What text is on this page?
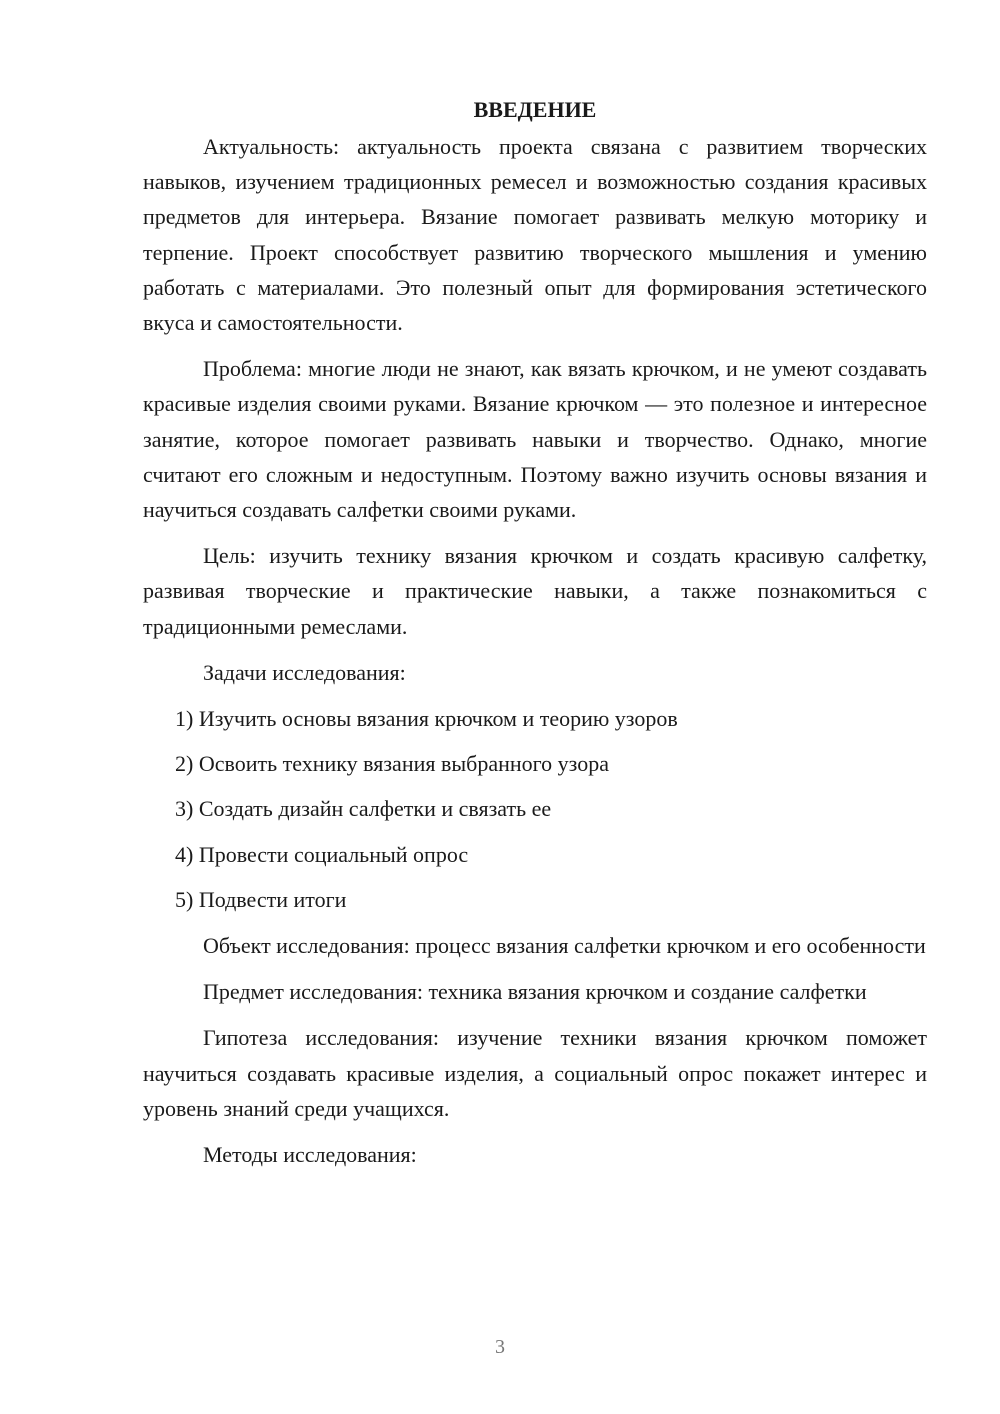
ВВЕДЕНИЕ

Актуальность: актуальность проекта связана с развитием творческих навыков, изучением традиционных ремесел и возможностью создания красивых предметов для интерьера. Вязание помогает развивать мелкую моторику и терпение. Проект способствует развитию творческого мышления и умению работать с материалами. Это полезный опыт для формирования эстетического вкуса и самостоятельности.

Проблема: многие люди не знают, как вязать крючком, и не умеют создавать красивые изделия своими руками. Вязание крючком — это полезное и интересное занятие, которое помогает развивать навыки и творчество. Однако, многие считают его сложным и недоступным. Поэтому важно изучить основы вязания и научиться создавать салфетки своими руками.

Цель: изучить технику вязания крючком и создать красивую салфетку, развивая творческие и практические навыки, а также познакомиться с традиционными ремеслами.

Задачи исследования:

1) Изучить основы вязания крючком и теорию узоров
2) Освоить технику вязания выбранного узора
3) Создать дизайн салфетки и связать ее
4) Провести социальный опрос
5) Подвести итоги

Объект исследования: процесс вязания салфетки крючком и его особенности

Предмет исследования: техника вязания крючком и создание салфетки

Гипотеза исследования: изучение техники вязания крючком поможет научиться создавать красивые изделия, а социальный опрос покажет интерес и уровень знаний среди учащихся.

Методы исследования:

3
